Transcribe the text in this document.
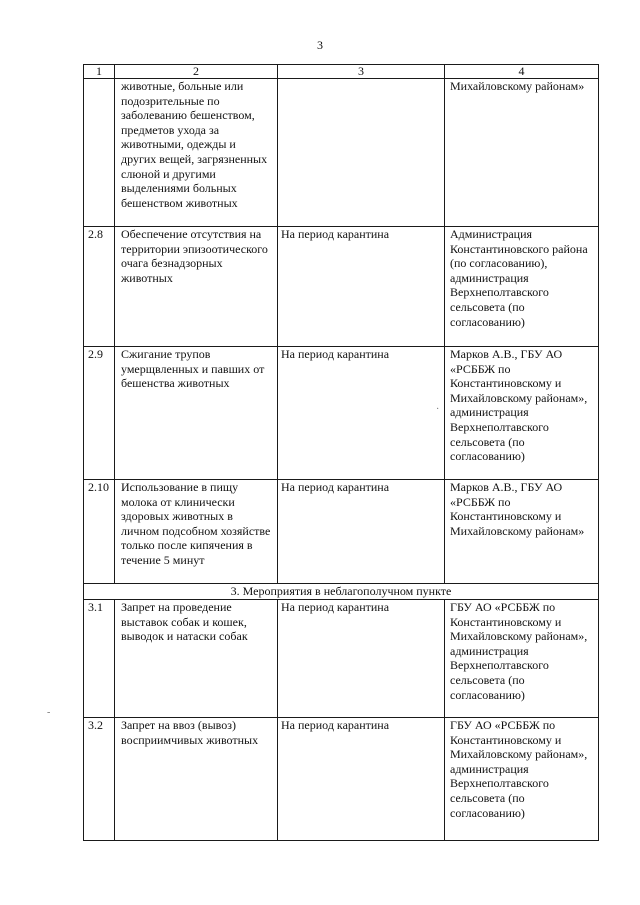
3
·
-
1	2	3	4
	животные, больные или подозрительные по заболеванию бешенством, предметов ухода за животными, одежды и других вещей, загрязненных слюной и другими выделениями больных бешенством животных		Михайловскому районам»
2.8	Обеспечение отсутствия на территории эпизоотического очага безнадзорных животных	На период карантина	Администрация Константиновского района (по согласованию), администрация Верхнеполтавского сельсовета (по согласованию)
2.9	Сжигание трупов умерщвленных и павших от бешенства животных	На период карантина	Марков А.В., ГБУ АО «РСББЖ по Константиновскому и Михайловскому районам», администрация Верхнеполтавского сельсовета (по согласованию)
2.10	Использование в пищу молока от клинически здоровых животных в личном подсобном хозяйстве только после кипячения в течение 5 минут	На период карантина	Марков А.В., ГБУ АО «РСББЖ по Константиновскому и Михайловскому районам»
3. Мероприятия в неблагополучном пункте			
3.1	Запрет на проведение выставок собак и кошек, выводок и натаски собак	На период карантина	ГБУ АО «РСББЖ по Константиновскому и Михайловскому районам», администрация Верхнеполтавского сельсовета (по согласованию)
3.2	Запрет на ввоз (вывоз) восприимчивых животных	На период карантина	ГБУ АО «РСББЖ по Константиновскому и Михайловскому районам», администрация Верхнеполтавского сельсовета (по согласованию)
